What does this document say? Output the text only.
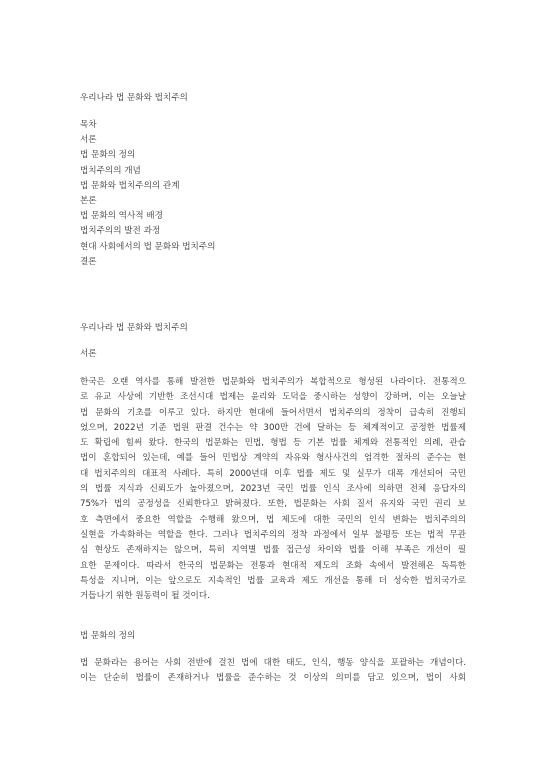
우리나라 법 문화와 법치주의
목차
서론
법 문화의 정의
법치주의의 개념
법 문화와 법치주의의 관계
본론
법 문화의 역사적 배경
법치주의의 발전 과정
현대 사회에서의 법 문화와 법치주의
결론
우리나라 법 문화와 법치주의
서론
한국은 오랜 역사를 통해 발전한 법문화와 법치주의가 복합적으로 형성된 나라이다. 전통적으
로 유교 사상에 기반한 조선시대 법제는 윤리와 도덕을 중시하는 성향이 강하며, 이는 오늘날
법 문화의 기초를 이루고 있다. 하지만 현대에 들어서면서 법치주의의 정착이 급속히 진행되
었으며, 2022년 기준 법원 판결 건수는 약 300만 건에 달하는 등 체계적이고 공정한 법률제
도 확립에 힘써 왔다. 한국의 법문화는 민법, 형법 등 기본 법률 체계와 전통적인 의례, 관습
법이 혼합되어 있는데, 예를 들어 민법상 계약의 자유와 형사사건의 엄격한 절차의 준수는 현
대 법치주의의 대표적 사례다. 특히 2000년대 이후 법률 제도 및 실무가 대폭 개선되어 국민
의 법률 지식과 신뢰도가 높아졌으며, 2023년 국민 법률 인식 조사에 의하면 전체 응답자의
75%가 법의 공정성을 신뢰한다고 밝혀졌다. 또한, 법문화는 사회 질서 유지와 국민 권리 보
호 측면에서 중요한 역할을 수행해 왔으며, 법 제도에 대한 국민의 인식 변화는 법치주의의
실현을 가속화하는 역할을 한다. 그러나 법치주의의 정착 과정에서 일부 불평등 또는 법적 무관
심 현상도 존재하지는 않으며, 특히 지역별 법률 접근성 차이와 법률 이해 부족은 개선이 필
요한 문제이다. 따라서 한국의 법문화는 전통과 현대적 제도의 조화 속에서 발전해온 독특한
특성을 지니며, 이는 앞으로도 지속적인 법률 교육과 제도 개선을 통해 더 성숙한 법치국가로
거듭나기 위한 원동력이 될 것이다.
법 문화의 정의
법 문화라는 용어는 사회 전반에 걸친 법에 대한 태도, 인식, 행동 양식을 포괄하는 개념이다.
이는 단순히 법률이 존재하거나 법률을 준수하는 것 이상의 의미를 담고 있으며, 법이 사회
